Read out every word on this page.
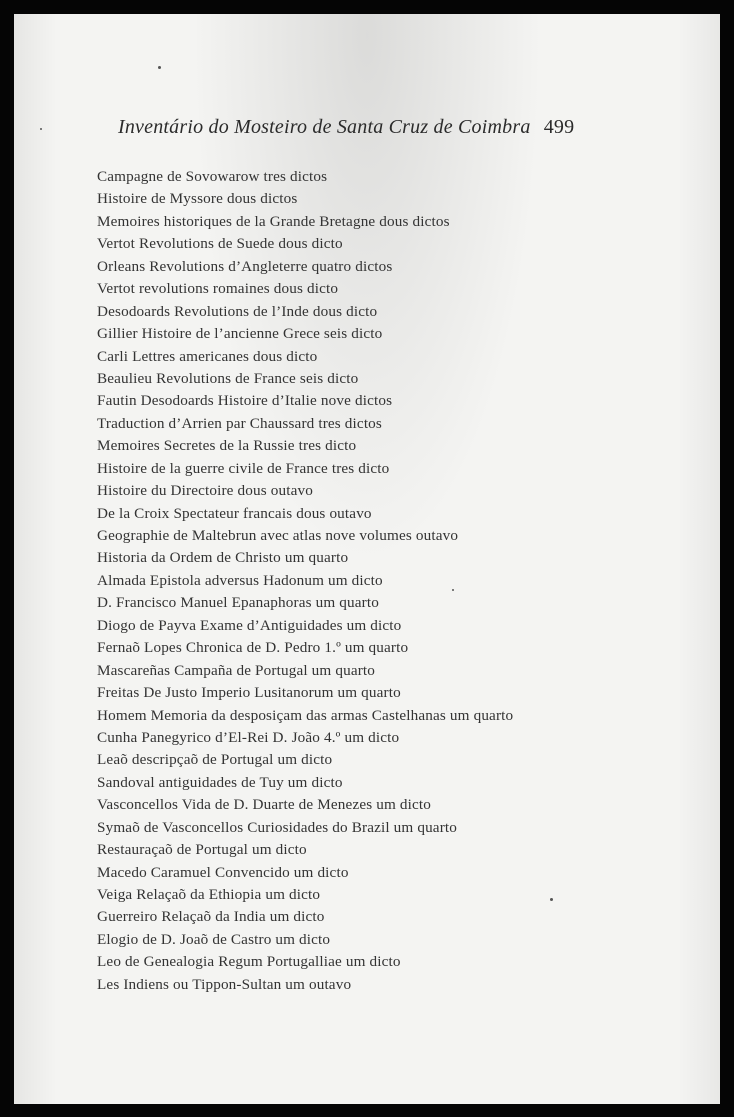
Inventário do Mosteiro de Santa Cruz de Coimbra 499
Campagne de Sovowarow tres dictos
Histoire de Myssore dous dictos
Memoires historiques de la Grande Bretagne dous dictos
Vertot Revolutions de Suede dous dicto
Orleans Revolutions d’Angleterre quatro dictos
Vertot revolutions romaines dous dicto
Desodoards Revolutions de l’Inde dous dicto
Gillier Histoire de l’ancienne Grece seis dicto
Carli Lettres americanes dous dicto
Beaulieu Revolutions de France seis dicto
Fautin Desodoards Histoire d’Italie nove dictos
Traduction d’Arrien par Chaussard tres dictos
Memoires Secretes de la Russie tres dicto
Histoire de la guerre civile de France tres dicto
Histoire du Directoire dous outavo
De la Croix Spectateur francais dous outavo
Geographie de Maltebrun avec atlas nove volumes outavo
Historia da Ordem de Christo um quarto
Almada Epistola adversus Hadonum um dicto
D. Francisco Manuel Epanaphoras um quarto
Diogo de Payva Exame d’Antiguidades um dicto
Fernaõ Lopes Chronica de D. Pedro 1.º um quarto
Mascareñas Campaña de Portugal um quarto
Freitas De Justo Imperio Lusitanorum um quarto
Homem Memoria da desposiçam das armas Castelhanas um quarto
Cunha Panegyrico d’El-Rei D. João 4.º um dicto
Leaõ descripçaõ de Portugal um dicto
Sandoval antiguidades de Tuy um dicto
Vasconcellos Vida de D. Duarte de Menezes um dicto
Symaõ de Vasconcellos Curiosidades do Brazil um quarto
Restauraçaõ de Portugal um dicto
Macedo Caramuel Convencido um dicto
Veiga Relaçaõ da Ethiopia um dicto
Guerreiro Relaçaõ da India um dicto
Elogio de D. Joaõ de Castro um dicto
Leo de Genealogia Regum Portugalliae um dicto
Les Indiens ou Tippon-Sultan um outavo
